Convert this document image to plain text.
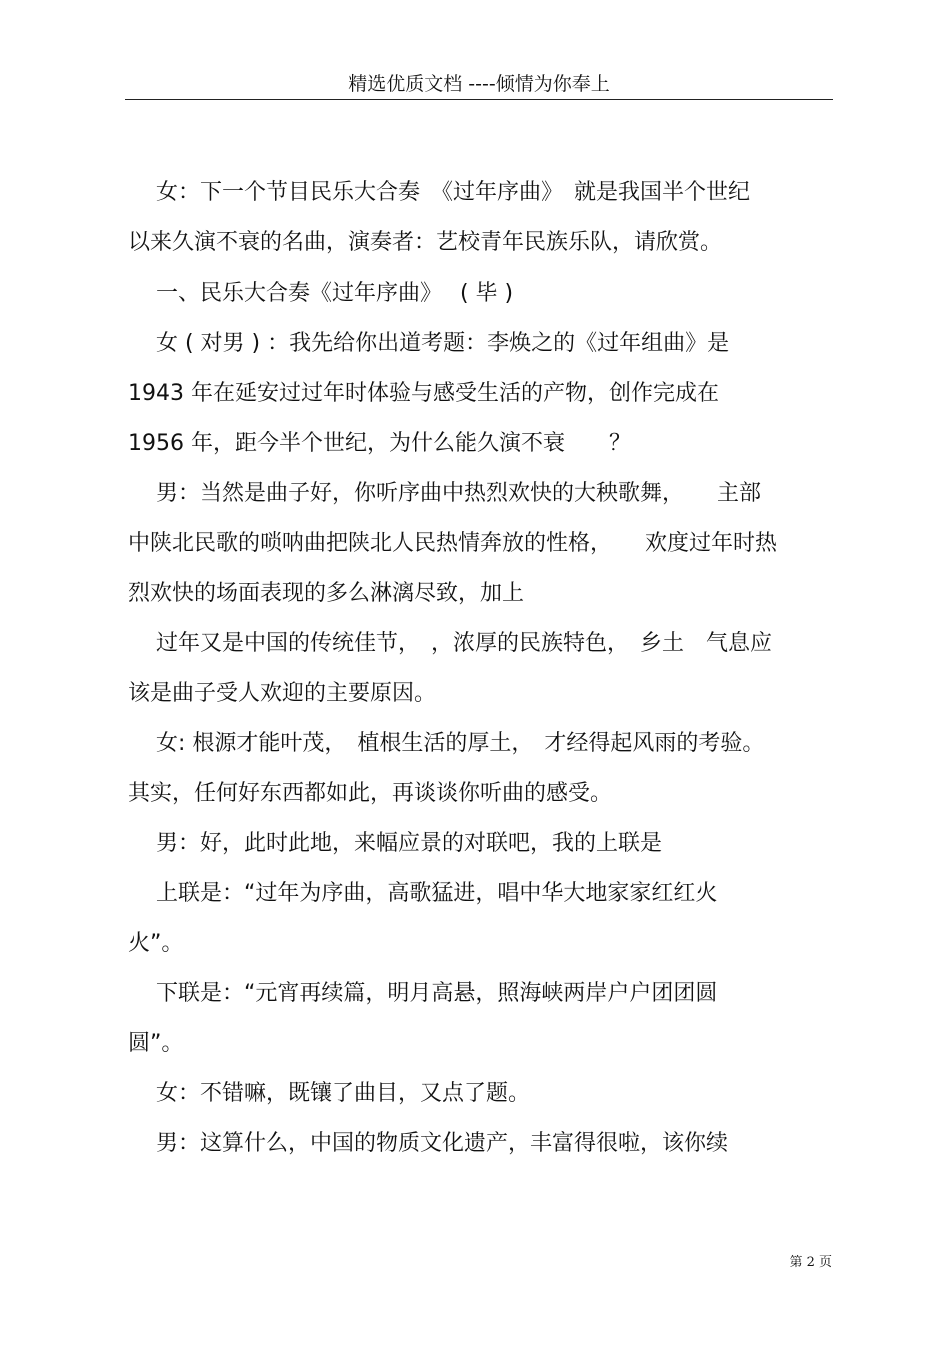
精选优质文档 ----倾情为你奉上
女：下一个节目民乐大合奏　《过年序曲》　就是我国半个世纪
以来久演不衰的名曲，演奏者：艺校青年民族乐队，请欣赏。
一、民乐大合奏《过年序曲》　 ( 毕 )
女 ( 对男 ) ：我先给你出道考题：李焕之的《过年组曲》是
1943 年在延安过过年时体验与感受生活的产物，创作完成在
1956 年，距今半个世纪，为什么能久演不衰　　？
男：当然是曲子好，你听序曲中热烈欢快的大秧歌舞，　　主部
中陕北民歌的唢呐曲把陕北人民热情奔放的性格，　　欢度过年时热
烈欢快的场面表现的多么淋漓尽致，加上
过年又是中国的传统佳节，　，浓厚的民族特色，　乡土　气息应
该是曲子受人欢迎的主要原因。
女: 根源才能叶茂，　植根生活的厚土，　才经得起风雨的考验。
其实，任何好东西都如此，再谈谈你听曲的感受。
男：好，此时此地，来幅应景的对联吧，我的上联是
上联是：“过年为序曲，高歌猛进，唱中华大地家家红红火
火”。
下联是：“元宵再续篇，明月高悬，照海峡两岸户户团团圆
圆”。
女：不错嘛，既镶了曲目，又点了题。
男：这算什么，中国的物质文化遗产，丰富得很啦，该你续
第 2 页
